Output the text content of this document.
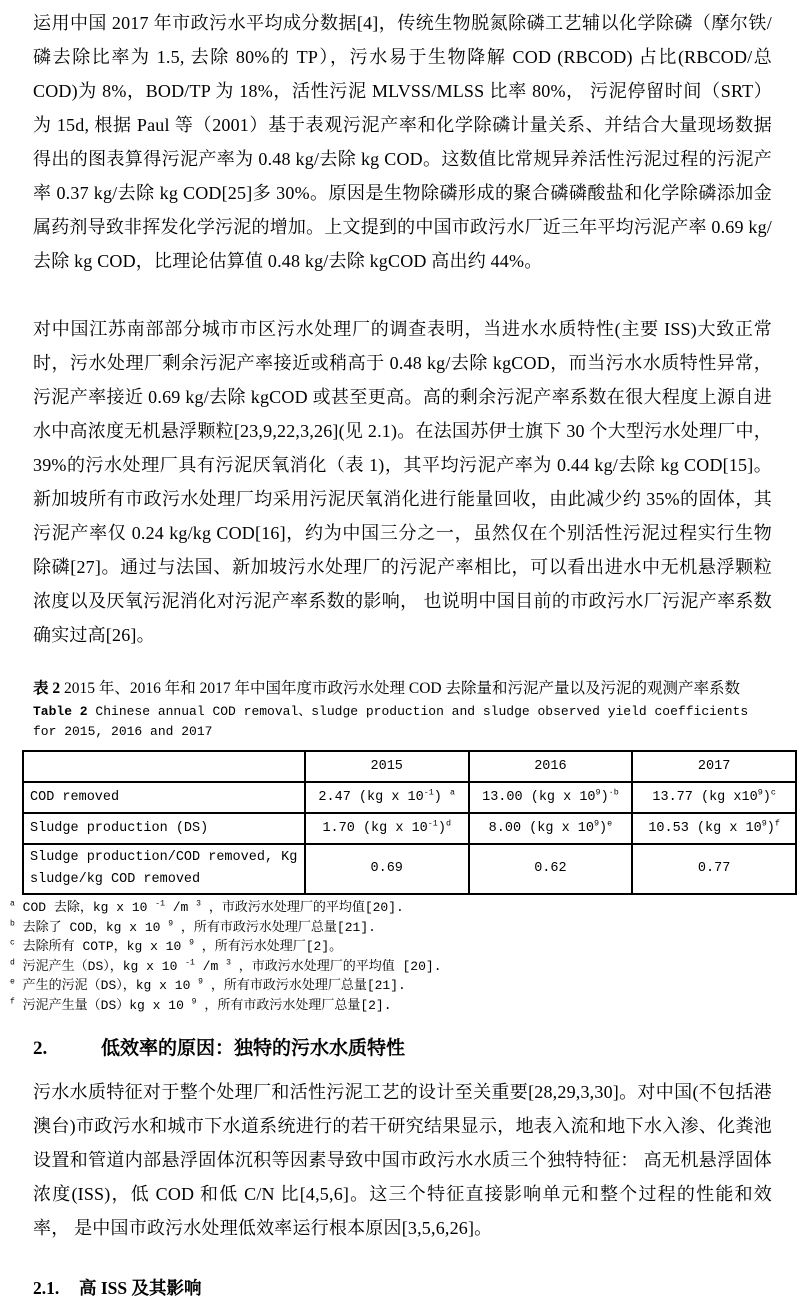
运用中国 2017 年市政污水平均成分数据[4]，传统生物脱氮除磷工艺辅以化学除磷（摩尔铁/磷去除比率为 1.5, 去除 80%的 TP），污水易于生物降解 COD (RBCOD) 占比(RBCOD/总 COD)为 8%，BOD/TP 为 18%，活性污泥 MLVSS/MLSS 比率 80%， 污泥停留时间（SRT）为 15d, 根据 Paul 等（2001）基于表观污泥产率和化学除磷计量关系、并结合大量现场数据得出的图表算得污泥产率为 0.48 kg/去除 kg COD。这数值比常规异养活性污泥过程的污泥产率 0.37 kg/去除 kg COD[25]多 30%。原因是生物除磷形成的聚合磷磷酸盐和化学除磷添加金属药剂导致非挥发化学污泥的增加。上文提到的中国市政污水厂近三年平均污泥产率 0.69 kg/去除 kg COD，比理论估算值 0.48 kg/去除 kgCOD 高出约 44%。

对中国江苏南部部分城市市区污水处理厂的调查表明，当进水水质特性(主要 ISS)大致正常时，污水处理厂剩余污泥产率接近或稍高于 0.48 kg/去除 kgCOD，而当污水水质特性异常，污泥产率接近 0.69 kg/去除 kgCOD 或甚至更高。高的剩余污泥产率系数在很大程度上源自进水中高浓度无机悬浮颗粒[23,9,22,3,26](见 2.1)。在法国苏伊士旗下 30 个大型污水处理厂中， 39%的污水处理厂具有污泥厌氧消化（表 1)，其平均污泥产率为 0.44 kg/去除 kg COD[15]。新加坡所有市政污水处理厂均采用污泥厌氧消化进行能量回收，由此减少约 35%的固体，其污泥产率仅 0.24 kg/kg COD[16]，约为中国三分之一，虽然仅在个别活性污泥过程实行生物除磷[27]。通过与法国、新加坡污水处理厂的污泥产率相比，可以看出进水中无机悬浮颗粒浓度以及厌氧污泥消化对污泥产率系数的影响， 也说明中国目前的市政污水厂污泥产率系数确实过高[26]。

表 2 2015 年、2016 年和 2017 年中国年度市政污水处理 COD 去除量和污泥产量以及污泥的观测产率系数

Table 2 Chinese annual COD removal、sludge production and sludge observed yield coefficients for 2015, 2016 and 2017

	2015	2016	2017
COD removed	2.47 (kg x $10^{-1}$) $^a$	13.00 (kg x $10^9)^{\cdot b}$	13.77 (kg $x10^9)^c$
Sludge production (DS)	1.70 (kg x $10^{-1})^d$	8.00 (kg x $10^9)^e$	10.53 (kg x $10^9)^f$
Sludge production/COD removed, Kg sludge/kg COD removed	0.69	0.62	0.77

$^a$ COD 去除，kg x 10 $^{-1}$ /m $^3$ ，市政污水处理厂的平均值[20].

$^b$ 去除了 COD，kg x 10 $^9$ ，所有市政污水处理厂总量[21].

$^c$ 去除所有 COTP，kg x 10 $^9$ ，所有污水处理厂[2]。

$^d$ 污泥产生（DS），kg x 10 $^{-1}$ /m $^3$ ，市政污水处理厂的平均值 [20].

$^e$ 产生的污泥（DS），kg x 10 $^9$ ，所有市政污水处理厂总量[21].

$^f$ 污泥产生量（DS）kg x 10 $^9$ ，所有市政污水处理厂总量[2].

2.	低效率的原因：独特的污水水质特性

污水水质特征对于整个处理厂和活性污泥工艺的设计至关重要[28,29,3,30]。对中国(不包括港澳台)市政污水和城市下水道系统进行的若干研究结果显示，地表入流和地下水入渗、化粪池设置和管道内部悬浮固体沉积等因素导致中国市政污水水质三个独特特征： 高无机悬浮固体浓度(ISS)，低 COD 和低 C/N 比[4,5,6]。这三个特征直接影响单元和整个过程的性能和效率， 是中国市政污水处理低效率运行根本原因[3,5,6,26]。

2.1. 高 ISS 及其影响
